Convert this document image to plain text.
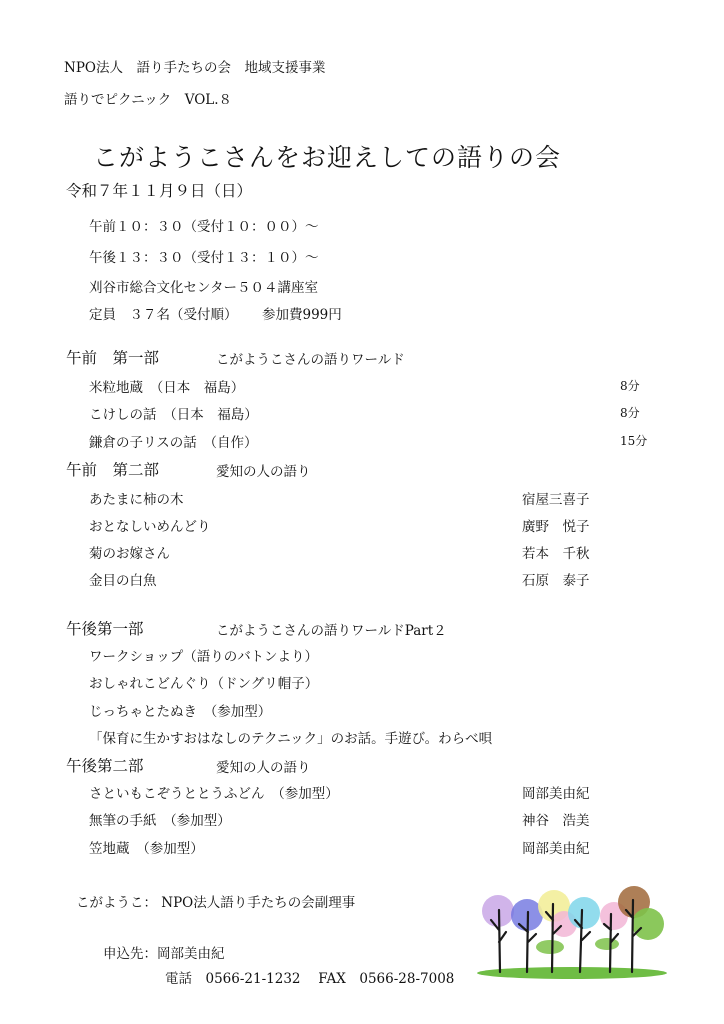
NPO法人　語り手たちの会　地域支援事業
語りでピクニック　VOL.８
こがようこさんをお迎えしての語りの会
令和７年１１月９日（日）
午前１０：３０（受付１０：００）～
午後１３：３０（受付１３：１０）～
刈谷市総合文化センター５０４講座室
定員　３７名（受付順） 参加費999円
午前　第一部	こがようこさんの語りワールド
米粒地蔵　（日本　福島）	8分
こけしの話　（日本　福島）	8分
鎌倉の子リスの話　（自作）	15分
午前　第二部	愛知の人の語り
あたまに柿の木	宿屋三喜子
おとなしいめんどり	廣野　悦子
菊のお嫁さん	若本　千秋
金目の白魚	石原　泰子
午後第一部	こがようこさんの語りワールドPart２
ワークショップ（語りのバトンより）
おしゃれこどんぐり（ドングリ帽子）
じっちゃとたぬき　（参加型）
「保育に生かすおはなしのテクニック」のお話。手遊び。わらべ唄
午後第二部	愛知の人の語り
さといもこぞうととうふどん　（参加型）	岡部美由紀
無筆の手紙　（参加型）	神谷　浩美
笠地蔵　（参加型）	岡部美由紀
こがようこ： NPO法人語り手たちの会副理事
申込先：岡部美由紀
電話　0566-21-1232　 FAX　0566-28-7008
